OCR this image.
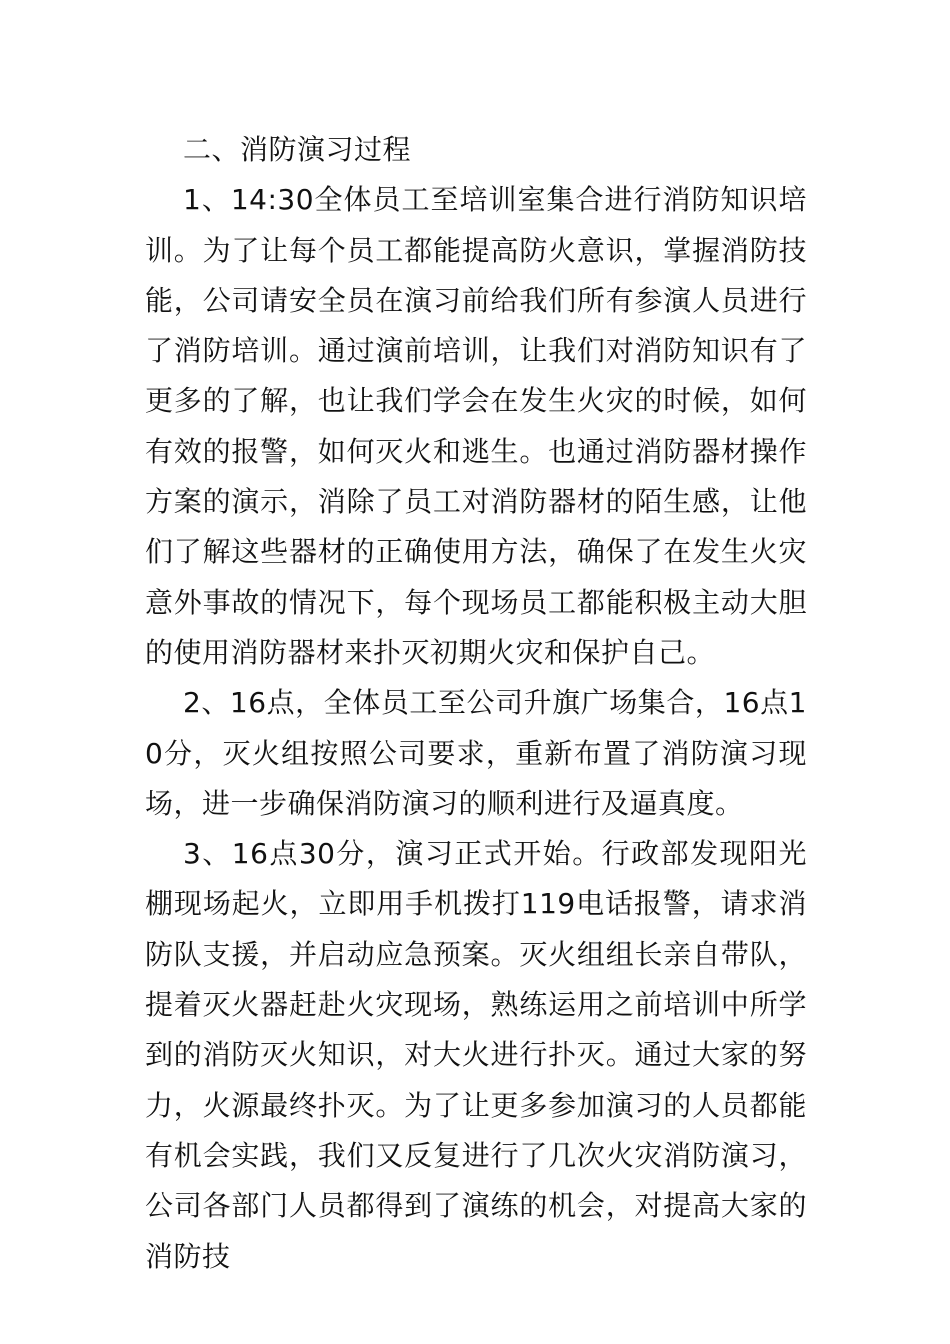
二、消防演习过程

1、14:30全体员工至培训室集合进行消防知识培训。为了让每个员工都能提高防火意识，掌握消防技能，公司请安全员在演习前给我们所有参演人员进行了消防培训。通过演前培训，让我们对消防知识有了更多的了解，也让我们学会在发生火灾的时候，如何有效的报警，如何灭火和逃生。也通过消防器材操作方案的演示，消除了员工对消防器材的陌生感，让他们了解这些器材的正确使用方法，确保了在发生火灾意外事故的情况下，每个现场员工都能积极主动大胆的使用消防器材来扑灭初期火灾和保护自己。

2、16点，全体员工至公司升旗广场集合，16点10分，灭火组按照公司要求，重新布置了消防演习现场，进一步确保消防演习的顺利进行及逼真度。

3、16点30分，演习正式开始。行政部发现阳光棚现场起火，立即用手机拨打119电话报警，请求消防队支援，并启动应急预案。灭火组组长亲自带队，提着灭火器赶赴火灾现场，熟练运用之前培训中所学到的消防灭火知识，对大火进行扑灭。通过大家的努力，火源最终扑灭。为了让更多参加演习的人员都能有机会实践，我们又反复进行了几次火灾消防演习，公司各部门人员都得到了演练的机会，对提高大家的消防技
